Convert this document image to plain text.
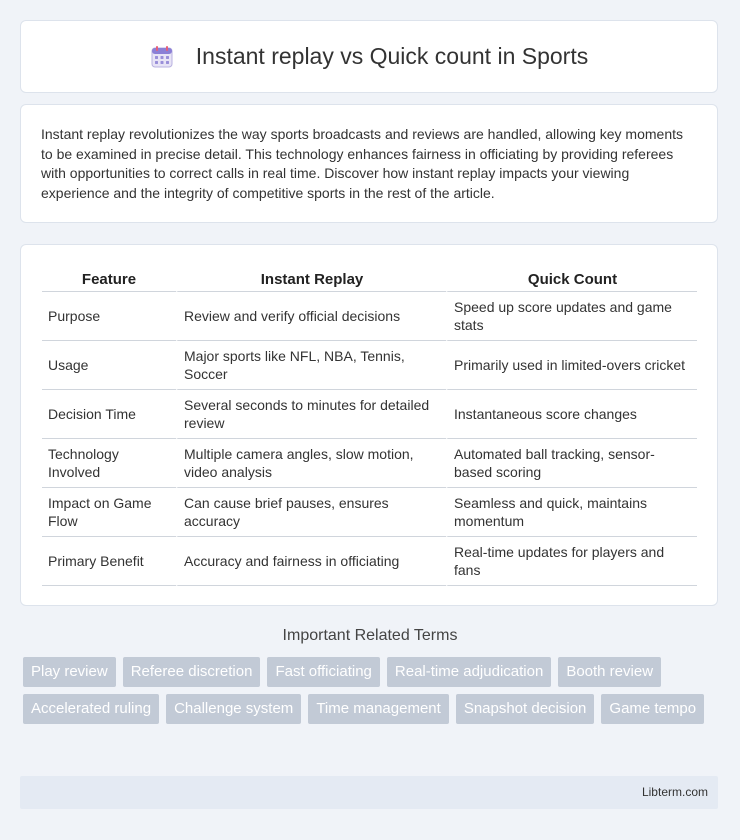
Instant replay vs Quick count in Sports

Instant replay revolutionizes the way sports broadcasts and reviews are handled, allowing key moments to be examined in precise detail. This technology enhances fairness in officiating by providing referees with opportunities to correct calls in real time. Discover how instant replay impacts your viewing experience and the integrity of competitive sports in the rest of the article.

Feature	Instant Replay	Quick Count
Purpose	Review and verify official decisions	Speed up score updates and game stats
Usage	Major sports like NFL, NBA, Tennis, Soccer	Primarily used in limited-overs cricket
Decision Time	Several seconds to minutes for detailed review	Instantaneous score changes
Technology Involved	Multiple camera angles, slow motion, video analysis	Automated ball tracking, sensor-based scoring
Impact on Game Flow	Can cause brief pauses, ensures accuracy	Seamless and quick, maintains momentum
Primary Benefit	Accuracy and fairness in officiating	Real-time updates for players and fans
Important Related Terms
Play review	Referee discretion	Fast officiating	Real-time adjudication	Booth review
Accelerated ruling	Challenge system	Time management	Snapshot decision	Game tempo
Libterm.com
